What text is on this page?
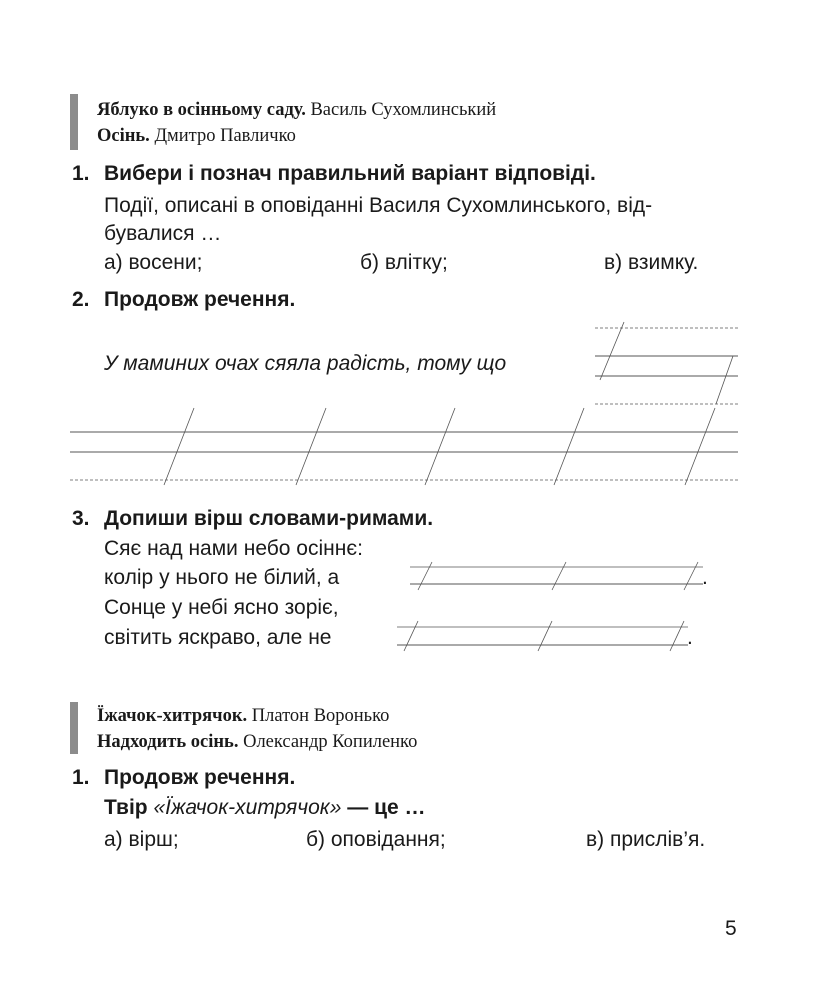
Яблуко в осінньому саду. Василь Сухомлинський
Осінь. Дмитро Павличко
1. Вибери і познач правильний варіант відповіді.
Події, описані в оповіданні Василя Сухомлинського, від-
бувалися …
а) восени;	б) влітку;	в) взимку.
2. Продовж речення.
У маминих очах сяяла радість, тому що
3. Допиши вірш словами-римами.
Сяє над нами небо осіннє:
колір у нього не білий, а	.
Сонце у небі ясно зоріє,
світить яскраво, але не	.
Їжачок-хитрячок. Платон Воронько
Надходить осінь. Олександр Копиленко
1. Продовж речення.
Твір «Їжачок-хитрячок» — це …
а) вірш;	б) оповідання;	в) прислів’я.
5
